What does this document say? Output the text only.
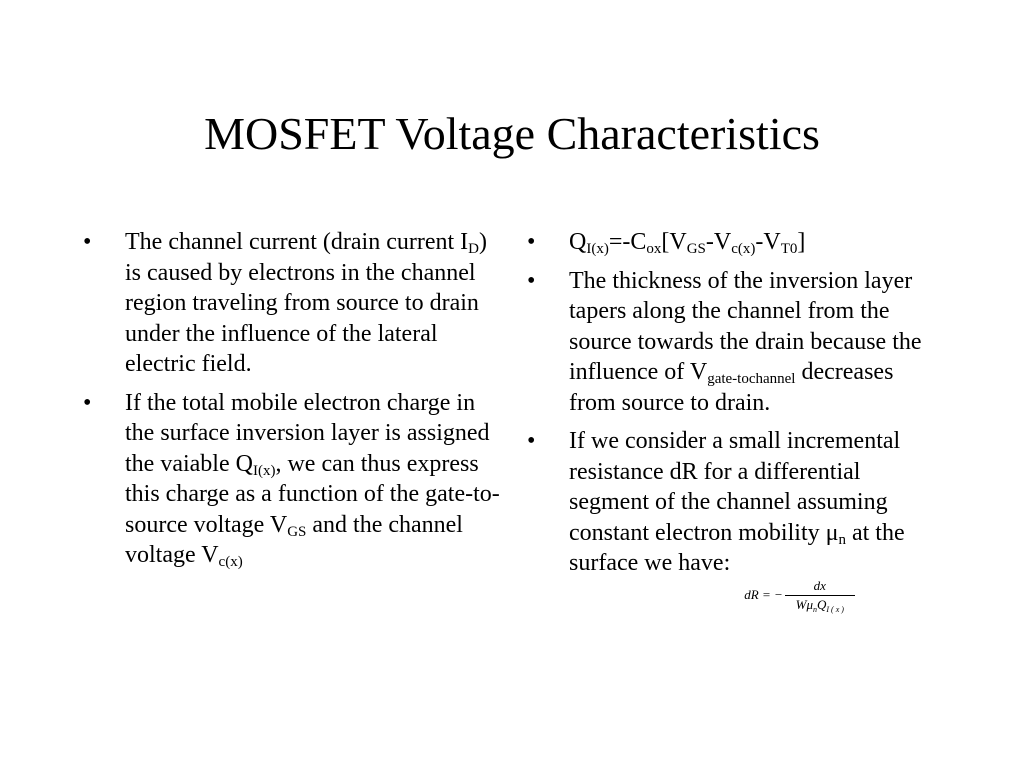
MOSFET Voltage Characteristics
• The channel current (drain current $I_D$) is caused by electrons in the channel region traveling from source to drain under the influence of the lateral electric field.
• If the total mobile electron charge in the surface inversion layer is assigned the vaiable $Q_{I(x)}$, we can thus express this charge as a function of the gate-to-source voltage $V_{GS}$ and the channel voltage $V_{c(x)}$
• $Q_{I(x)}=-C_{ox}[V_{GS}-V_{c(x)}-V_{T0}]$
• The thickness of the inversion layer tapers along the channel from the source towards the drain because the influence of $V_{gate-tochannel}$ decreases from source to drain.
• If we consider a small incremental resistance dR for a differential segment of the channel assuming constant electron mobility $\mu_n$ at the surface we have:dR = − $\frac{dx}{W\mu_nQ_{I ( x )}}$
